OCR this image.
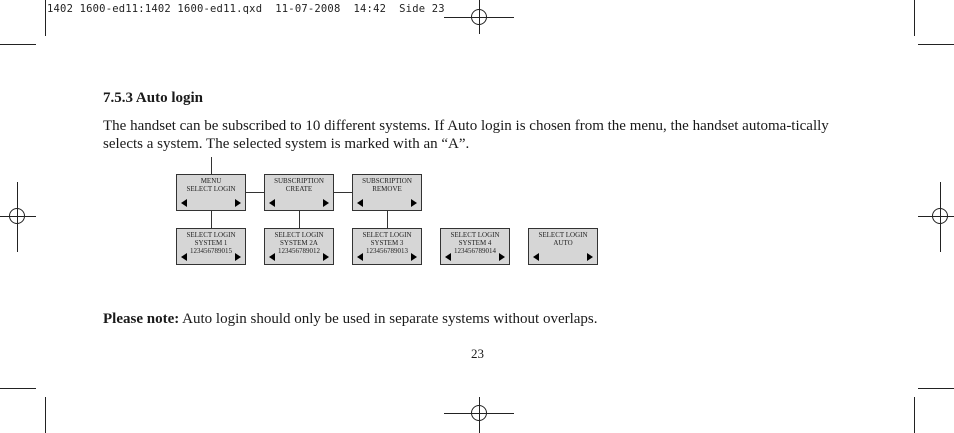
1402 1600-ed11:1402 1600-ed11.qxd  11-07-2008  14:42  Side 23
7.5.3 Auto login
The handset can be subscribed to 10 different systems. If Auto login is chosen from the menu, the handset automa-tically selects a system. The selected system is marked with an “A”.
MENU
SELECT LOGIN
SUBSCRIPTION
CREATE
SUBSCRIPTION
REMOVE
SELECT LOGIN
SYSTEM 1
123456789015
SELECT LOGIN
SYSTEM 2A
123456789012
SELECT LOGIN
SYSTEM 3
123456789013
SELECT LOGIN
SYSTEM 4
123456789014
SELECT LOGIN
AUTO
Please note: Auto login should only be used in separate systems without overlaps.
23
